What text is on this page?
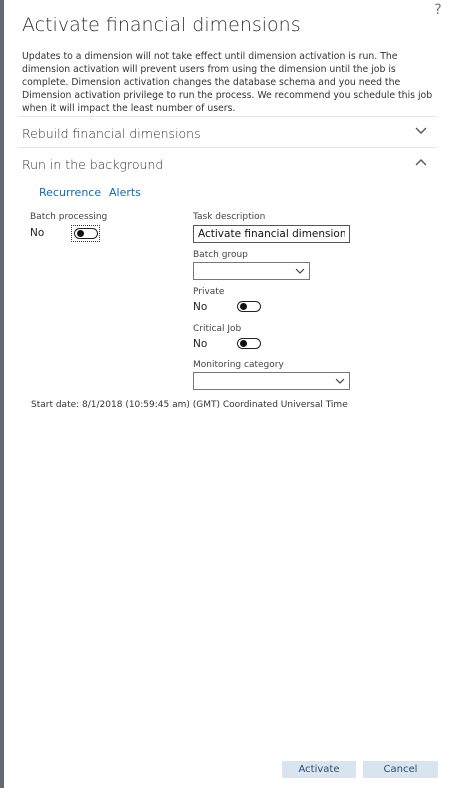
?
Activate financial dimensions

Updates to a dimension will not take effect until dimension activation is run. The dimension activation will prevent users from using the dimension until the job is complete. Dimension activation changes the database schema and you need the Dimension activation privilege to run the process. We recommend you schedule this job when it will impact the least number of users.

Rebuild financial dimensions
Run in the background
Recurrence Alerts
Batch processing
No
Task description
Activate financial dimensions
Batch group
Private
No
Critical Job
No
Monitoring category
Start date: 8/1/2018 (10:59:45 am) (GMT) Coordinated Universal Time
Activate	Cancel
